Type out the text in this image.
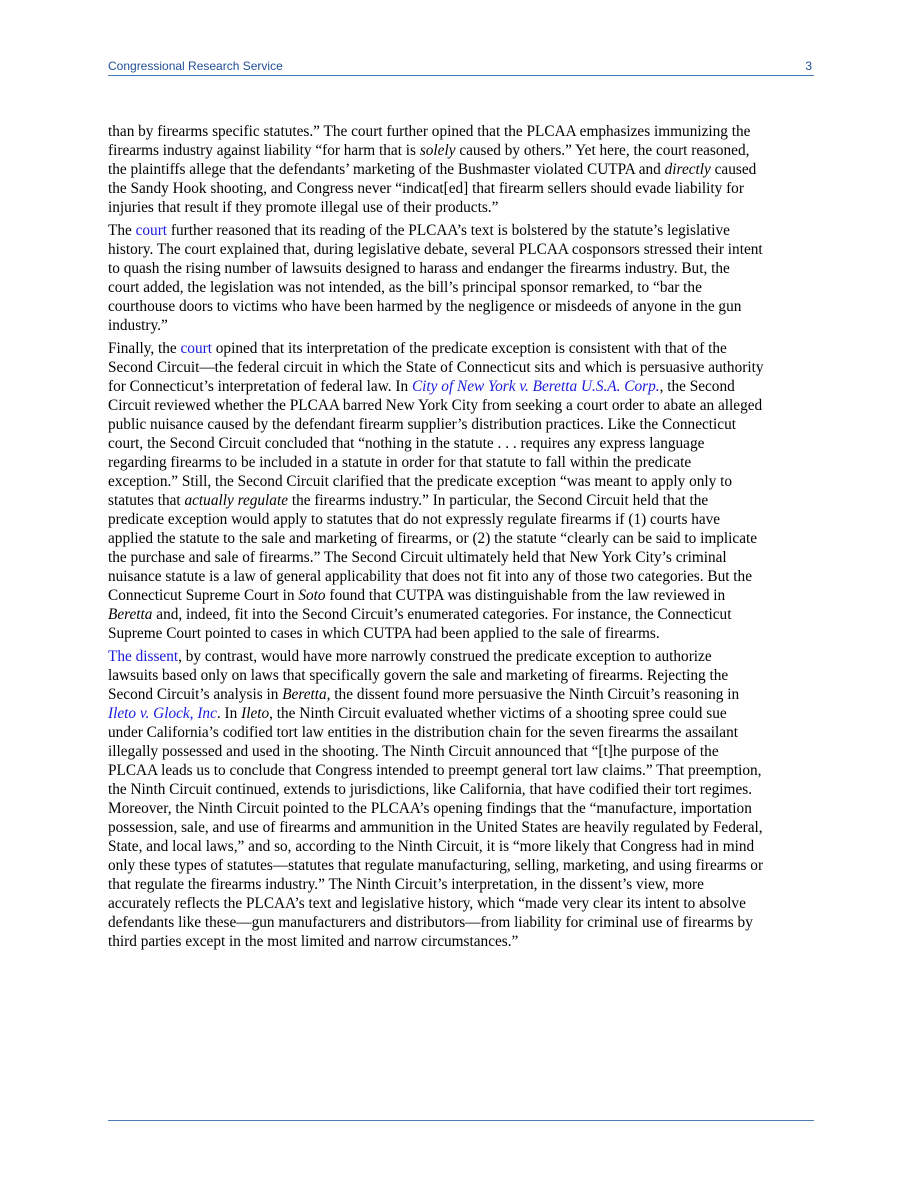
Congressional Research Service	3

than by firearms specific statutes.” The court further opined that the PLCAA emphasizes immunizing the firearms industry against liability “for harm that is solely caused by others.” Yet here, the court reasoned, the plaintiffs allege that the defendants’ marketing of the Bushmaster violated CUTPA and directly caused the Sandy Hook shooting, and Congress never “indicat[ed] that firearm sellers should evade liability for injuries that result if they promote illegal use of their products.”

The court further reasoned that its reading of the PLCAA’s text is bolstered by the statute’s legislative history. The court explained that, during legislative debate, several PLCAA cosponsors stressed their intent to quash the rising number of lawsuits designed to harass and endanger the firearms industry. But, the court added, the legislation was not intended, as the bill’s principal sponsor remarked, to “bar the courthouse doors to victims who have been harmed by the negligence or misdeeds of anyone in the gun industry.”

Finally, the court opined that its interpretation of the predicate exception is consistent with that of the Second Circuit—the federal circuit in which the State of Connecticut sits and which is persuasive authority for Connecticut’s interpretation of federal law. In City of New York v. Beretta U.S.A. Corp., the Second Circuit reviewed whether the PLCAA barred New York City from seeking a court order to abate an alleged public nuisance caused by the defendant firearm supplier’s distribution practices. Like the Connecticut court, the Second Circuit concluded that “nothing in the statute . . . requires any express language regarding firearms to be included in a statute in order for that statute to fall within the predicate exception.” Still, the Second Circuit clarified that the predicate exception “was meant to apply only to statutes that actually regulate the firearms industry.” In particular, the Second Circuit held that the predicate exception would apply to statutes that do not expressly regulate firearms if (1) courts have applied the statute to the sale and marketing of firearms, or (2) the statute “clearly can be said to implicate the purchase and sale of firearms.” The Second Circuit ultimately held that New York City’s criminal nuisance statute is a law of general applicability that does not fit into any of those two categories. But the Connecticut Supreme Court in Soto found that CUTPA was distinguishable from the law reviewed in Beretta and, indeed, fit into the Second Circuit’s enumerated categories. For instance, the Connecticut Supreme Court pointed to cases in which CUTPA had been applied to the sale of firearms.

The dissent, by contrast, would have more narrowly construed the predicate exception to authorize lawsuits based only on laws that specifically govern the sale and marketing of firearms. Rejecting the Second Circuit’s analysis in Beretta, the dissent found more persuasive the Ninth Circuit’s reasoning in Ileto v. Glock, Inc. In Ileto, the Ninth Circuit evaluated whether victims of a shooting spree could sue under California’s codified tort law entities in the distribution chain for the seven firearms the assailant illegally possessed and used in the shooting. The Ninth Circuit announced that “[t]he purpose of the PLCAA leads us to conclude that Congress intended to preempt general tort law claims.” That preemption, the Ninth Circuit continued, extends to jurisdictions, like California, that have codified their tort regimes. Moreover, the Ninth Circuit pointed to the PLCAA’s opening findings that the “manufacture, importation possession, sale, and use of firearms and ammunition in the United States are heavily regulated by Federal, State, and local laws,” and so, according to the Ninth Circuit, it is “more likely that Congress had in mind only these types of statutes—statutes that regulate manufacturing, selling, marketing, and using firearms or that regulate the firearms industry.” The Ninth Circuit’s interpretation, in the dissent’s view, more accurately reflects the PLCAA’s text and legislative history, which “made very clear its intent to absolve defendants like these—gun manufacturers and distributors—from liability for criminal use of firearms by third parties except in the most limited and narrow circumstances.”
